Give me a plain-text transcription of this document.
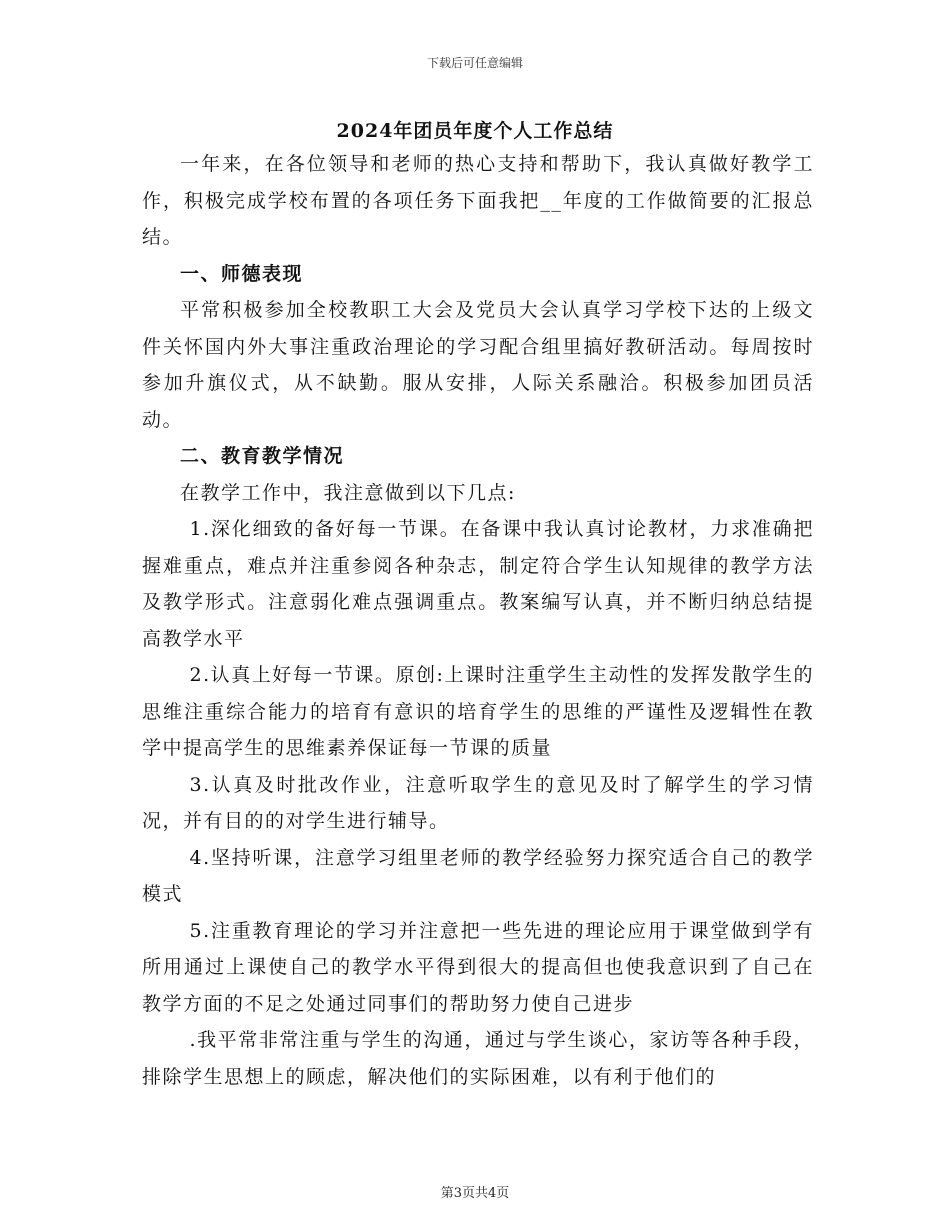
下载后可任意编辑
2024年团员年度个人工作总结

一年来，在各位领导和老师的热心支持和帮助下，我认真做好教学工作，积极完成学校布置的各项任务下面我把__年度的工作做简要的汇报总结。

一、师德表现

平常积极参加全校教职工大会及党员大会认真学习学校下达的上级文件关怀国内外大事注重政治理论的学习配合组里搞好教研活动。每周按时参加升旗仪式，从不缺勤。服从安排，人际关系融洽。积极参加团员活动。

二、教育教学情况

在教学工作中，我注意做到以下几点:

1.深化细致的备好每一节课。在备课中我认真讨论教材，力求准确把握难重点，难点并注重参阅各种杂志，制定符合学生认知规律的教学方法及教学形式。注意弱化难点强调重点。教案编写认真，并不断归纳总结提高教学水平

2.认真上好每一节课。原创:上课时注重学生主动性的发挥发散学生的思维注重综合能力的培育有意识的培育学生的思维的严谨性及逻辑性在教学中提高学生的思维素养保证每一节课的质量

3.认真及时批改作业，注意听取学生的意见及时了解学生的学习情况，并有目的的对学生进行辅导。

4.坚持听课，注意学习组里老师的教学经验努力探究适合自己的教学模式

5.注重教育理论的学习并注意把一些先进的理论应用于课堂做到学有所用通过上课使自己的教学水平得到很大的提高但也使我意识到了自己在教学方面的不足之处通过同事们的帮助努力使自己进步

.我平常非常注重与学生的沟通，通过与学生谈心，家访等各种手段，排除学生思想上的顾虑，解决他们的实际困难，以有利于他们的

第3页共4页
